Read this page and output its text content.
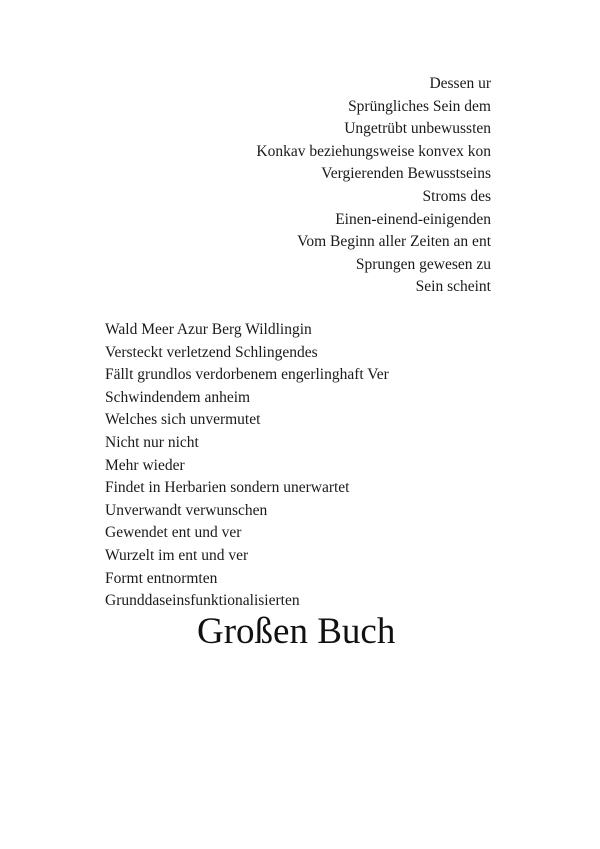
Dessen ur
Sprüngliches Sein dem
Ungetrübt unbewussten
Konkav beziehungsweise konvex kon
Vergierenden Bewusstseins
Stroms des
Einen-einend-einigenden
Vom Beginn aller Zeiten an ent
Sprungen gewesen zu
Sein scheint
Wald Meer Azur Berg Wildlingin
Versteckt verletzend Schlingendes
Fällt grundlos verdorbenem engerlinghaft Ver
Schwindendem anheim
Welches sich unvermutet
Nicht nur nicht
Mehr wieder
Findet in Herbarien sondern unerwartet
Unverwandt verwunschen
Gewendet ent und ver
Wurzelt im ent und ver
Formt entnormten
Grunddaseinsfunktionalisierten
Großen Buch
